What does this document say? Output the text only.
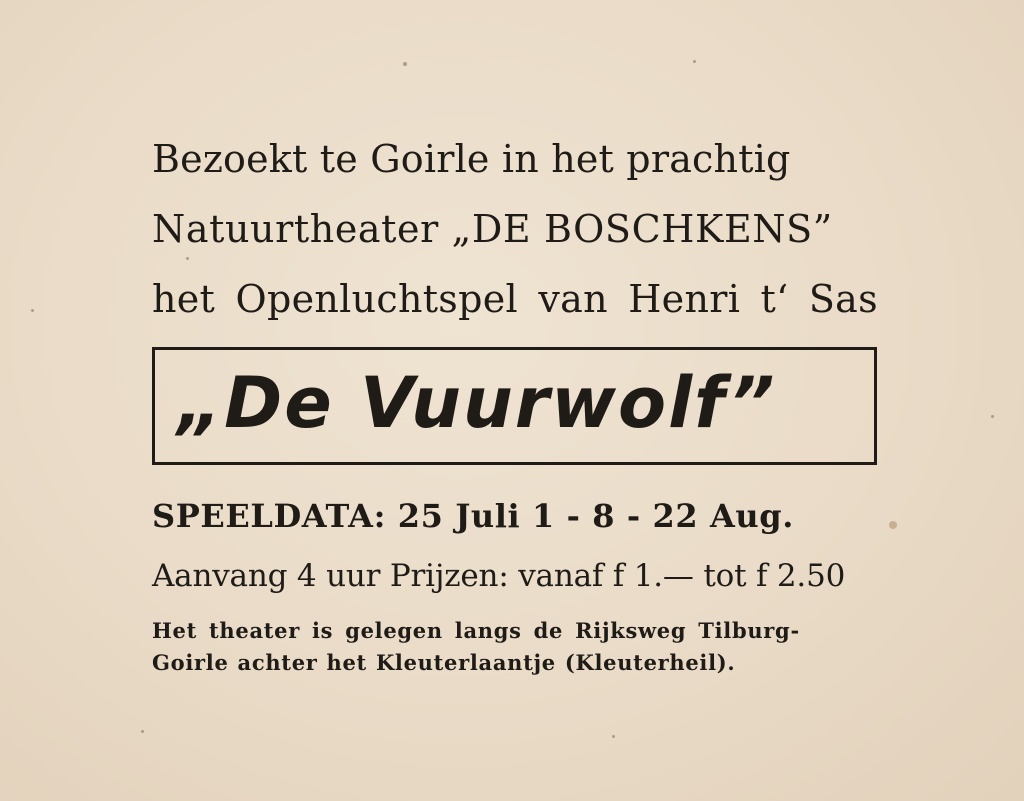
Bezoekt te Goirle in het prachtig
Natuurtheater „DE BOSCHKENS”
het Openluchtspel van Henri t‘ Sas
„De Vuurwolf”
SPEELDATA: 25 Juli 1 - 8 - 22 Aug.
Aanvang 4 uur Prijzen: vanaf f 1.— tot f 2.50
Het theater is gelegen langs de Rijksweg Tilburg-
Goirle achter het Kleuterlaantje (Kleuterheil).
